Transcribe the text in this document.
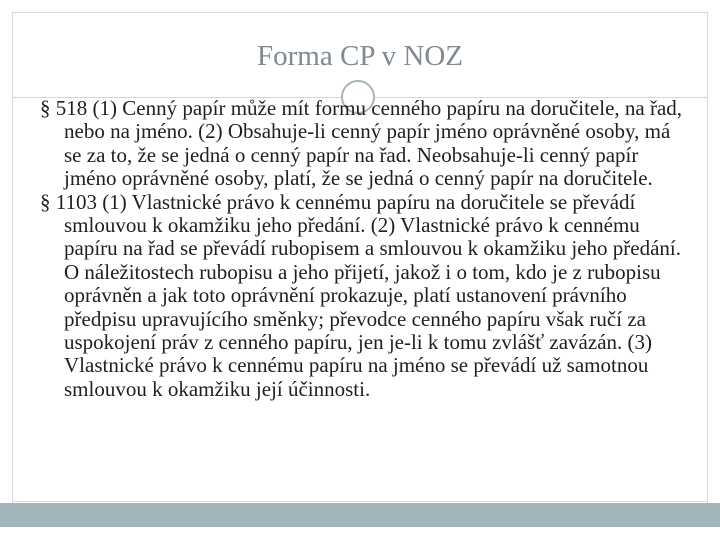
Forma CP v NOZ

§ 518 (1) Cenný papír může mít formu cenného papíru na doručitele, na řad, nebo na jméno. (2) Obsahuje-li cenný papír jméno oprávněné osoby, má se za to, že se jedná o cenný papír na řad. Neobsahuje-li cenný papír jméno oprávněné osoby, platí, že se jedná o cenný papír na doručitele.

§ 1103 (1) Vlastnické právo k cennému papíru na doručitele se převádí smlouvou k okamžiku jeho předání. (2) Vlastnické právo k cennému papíru na řad se převádí rubopisem a smlouvou k okamžiku jeho předání. O náležitostech rubopisu a jeho přijetí, jakož i o tom, kdo je z rubopisu oprávněn a jak toto oprávnění prokazuje, platí ustanovení právního předpisu upravujícího směnky; převodce cenného papíru však ručí za uspokojení práv z cenného papíru, jen je-li k tomu zvlášť zavázán. (3) Vlastnické právo k cennému papíru na jméno se převádí už samotnou smlouvou k okamžiku její účinnosti.
